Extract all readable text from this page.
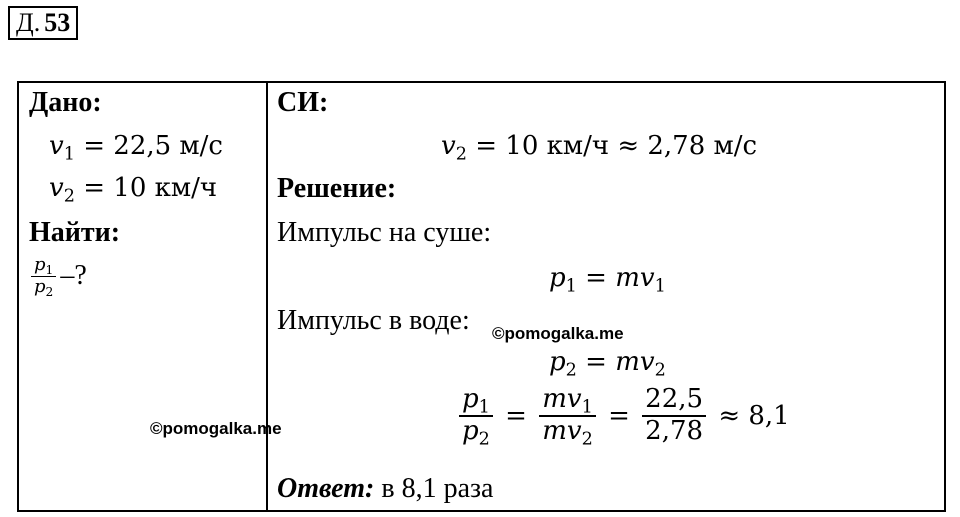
Д. 53
Дано:
$v_1 = 22,5$ м/с
$v_2 = 10$ км/ч
Найти:
$\frac{p_1}{p_2}$ –?
СИ:
$v_2 = 10$ км/ч ≈ 2,78 м/с
Решение:
Импульс на суше:
$p_1 = mv_1$
Импульс в воде:
$p_2 = mv_2$
$\frac{p_1}{p_2} = \frac{mv_1}{mv_2} = \frac{22,5}{2,78}$
≈ 8,1
Ответ: в 8,1 раза
©pomogalka.me
©pomogalka.me
